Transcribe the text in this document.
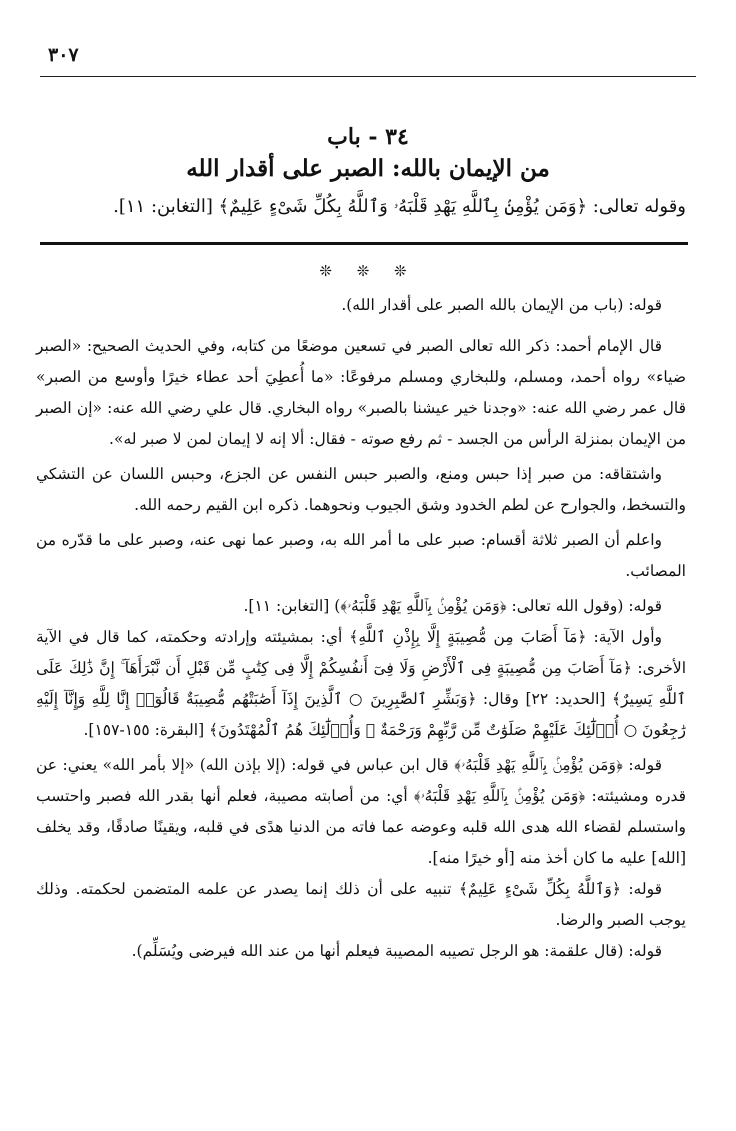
٣٠٧
٣٤ - باب
من الإيمان بالله: الصبر على أقدار الله
وقوله تعالى: ﴿وَمَن يُؤْمِنۢ بِٱللَّهِ يَهْدِ قَلْبَهُۥ وَٱللَّهُ بِكُلِّ شَىْءٍ عَلِيمٌ﴾ [التغابن: ١١].
❊ ❊ ❊

قوله: (باب من الإيمان بالله الصبر على أقدار الله).

قال الإمام أحمد: ذكر الله تعالى الصبر في تسعين موضعًا من كتابه، وفي الحديث الصحيح: «الصبر ضياء» رواه أحمد، ومسلم، وللبخاري ومسلم مرفوعًا: «ما أُعطِيَ أحد عطاء خيرًا وأوسع من الصبر» قال عمر رضي الله عنه: «وجدنا خير عيشنا بالصبر» رواه البخاري. قال علي رضي الله عنه: «إن الصبر من الإيمان بمنزلة الرأس من الجسد - ثم رفع صوته - فقال: ألا إنه لا إيمان لمن لا صبر له».

واشتقاقه: من صبر إذا حبس ومنع، والصبر حبس النفس عن الجزع، وحبس اللسان عن التشكي والتسخط، والجوارح عن لطم الخدود وشق الجيوب ونحوهما. ذكره ابن القيم رحمه الله.

واعلم أن الصبر ثلاثة أقسام: صبر على ما أمر الله به، وصبر عما نهى عنه، وصبر على ما قدّره من المصائب.

قوله: (وقول الله تعالى: ﴿وَمَن يُؤْمِنۢ بِٱللَّهِ يَهْدِ قَلْبَهُۥ﴾) [التغابن: ١١].

وأول الآية: ﴿مَآ أَصَابَ مِن مُّصِيبَةٍ إِلَّا بِإِذْنِ ٱللَّهِ﴾ أي: بمشيئته وإرادته وحكمته، كما قال في الآية الأخرى: ﴿مَآ أَصَابَ مِن مُّصِيبَةٍ فِى ٱلْأَرْضِ وَلَا فِىٓ أَنفُسِكُمْ إِلَّا فِى كِتَٰبٍ مِّن قَبْلِ أَن نَّبْرَأَهَآ ۚ إِنَّ ذَٰلِكَ عَلَى ٱللَّهِ يَسِيرٌ﴾ [الحديد: ٢٢] وقال: ﴿وَبَشِّرِ ٱلصَّٰبِرِينَ ○ ٱلَّذِينَ إِذَآ أَصَٰبَتْهُم مُّصِيبَةٌ قَالُوٓا۟ إِنَّا لِلَّهِ وَإِنَّآ إِلَيْهِ رَٰجِعُونَ ○ أُو۟لَٰٓئِكَ عَلَيْهِمْ صَلَوَٰتٌ مِّن رَّبِّهِمْ وَرَحْمَةٌ ۖ وَأُو۟لَٰٓئِكَ هُمُ ٱلْمُهْتَدُونَ﴾ [البقرة: ١٥٥-١٥٧].

قوله: ﴿وَمَن يُؤْمِنۢ بِٱللَّهِ يَهْدِ قَلْبَهُۥ﴾ قال ابن عباس في قوله: (إلا بإذن الله) «إلا بأمر الله» يعني: عن قدره ومشيئته: ﴿وَمَن يُؤْمِنۢ بِٱللَّهِ يَهْدِ قَلْبَهُۥ﴾ أي: من أصابته مصيبة، فعلم أنها بقدر الله فصبر واحتسب واستسلم لقضاء الله هدى الله قلبه وعوضه عما فاته من الدنيا هدًى في قلبه، ويقينًا صادقًا، وقد يخلف [الله] عليه ما كان أخذ منه [أو خيرًا منه].

قوله: ﴿وَٱللَّهُ بِكُلِّ شَىْءٍ عَلِيمٌ﴾ تنبيه على أن ذلك إنما يصدر عن علمه المتضمن لحكمته. وذلك يوجب الصبر والرضا.

قوله: (قال علقمة: هو الرجل تصيبه المصيبة فيعلم أنها من عند الله فيرضى ويُسَلِّم).
